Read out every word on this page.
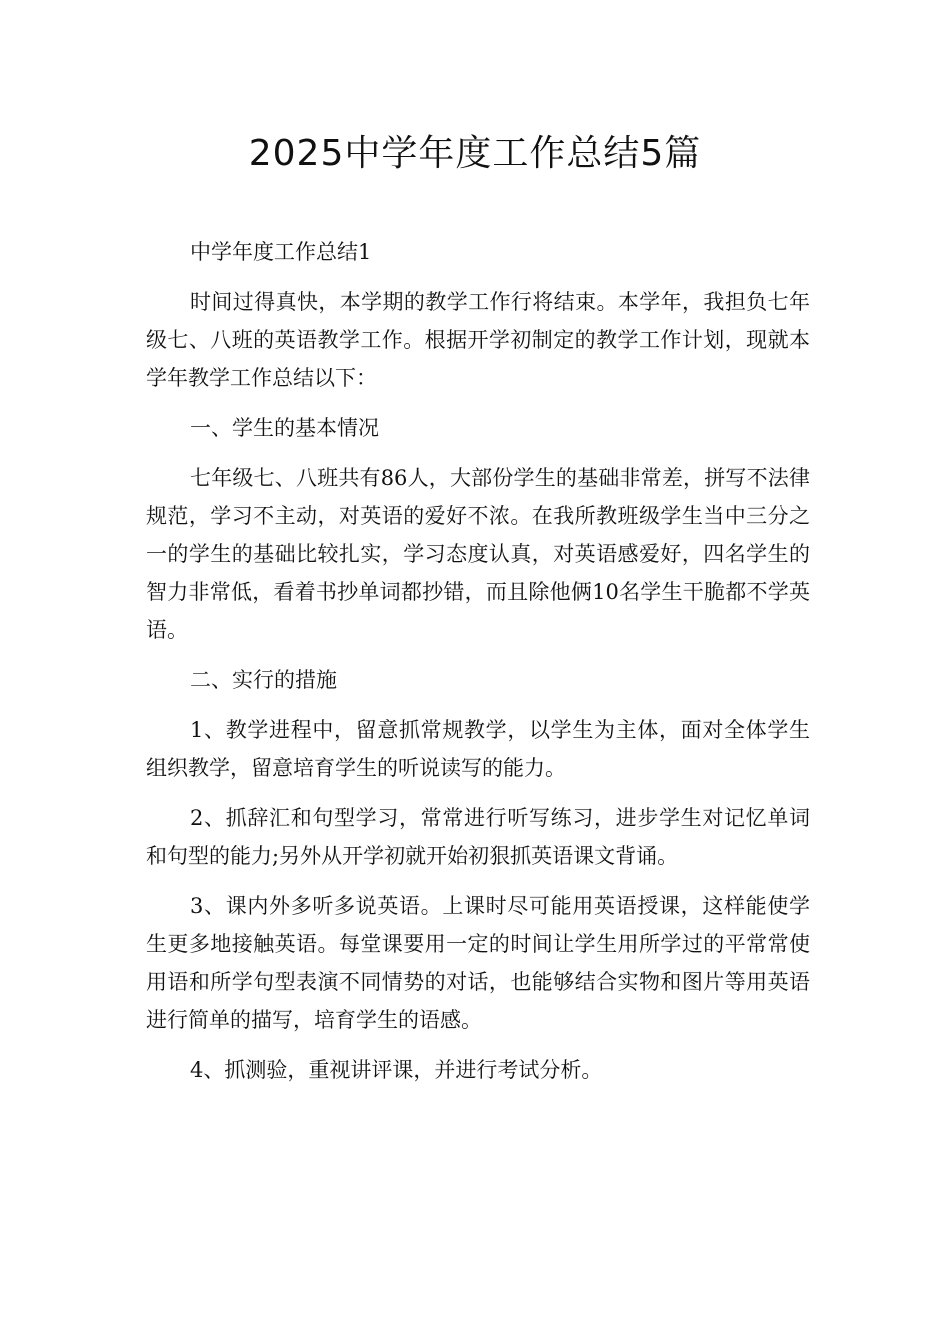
2025中学年度工作总结5篇

中学年度工作总结1

时间过得真快，本学期的教学工作行将结束。本学年，我担负七年级七、八班的英语教学工作。根据开学初制定的教学工作计划，现就本学年教学工作总结以下：

一、学生的基本情况

七年级七、八班共有86人，大部份学生的基础非常差，拼写不法律规范，学习不主动，对英语的爱好不浓。在我所教班级学生当中三分之一的学生的基础比较扎实，学习态度认真，对英语感爱好，四名学生的智力非常低，看着书抄单词都抄错，而且除他俩10名学生干脆都不学英语。

二、实行的措施

1、教学进程中，留意抓常规教学，以学生为主体，面对全体学生组织教学，留意培育学生的听说读写的能力。

2、抓辞汇和句型学习，常常进行听写练习，进步学生对记忆单词和句型的能力;另外从开学初就开始初狠抓英语课文背诵。

3、课内外多听多说英语。上课时尽可能用英语授课，这样能使学生更多地接触英语。每堂课要用一定的时间让学生用所学过的平常常使用语和所学句型表演不同情势的对话，也能够结合实物和图片等用英语进行简单的描写，培育学生的语感。

4、抓测验，重视讲评课，并进行考试分析。
